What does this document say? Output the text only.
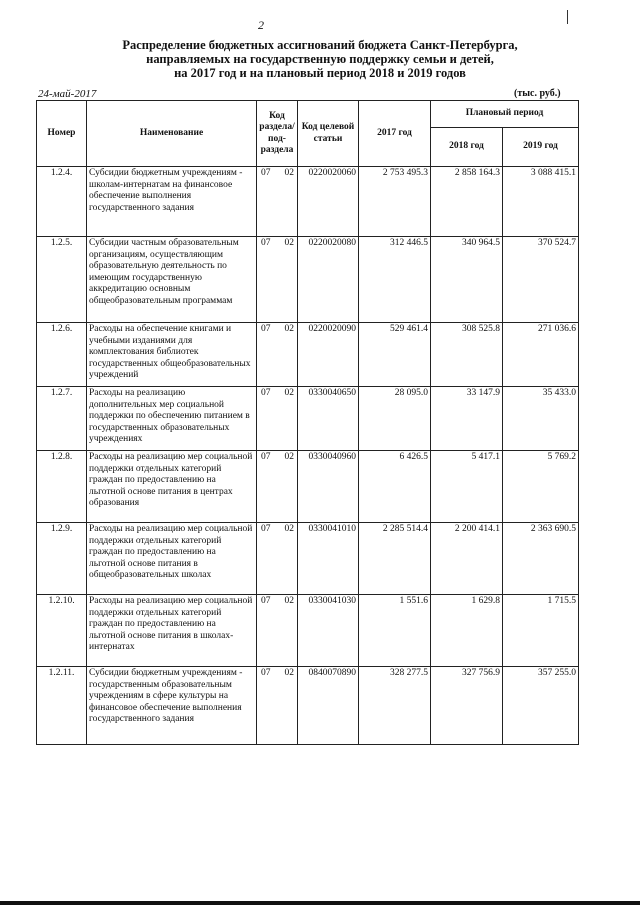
2
Распределение бюджетных ассигнований бюджета Санкт-Петербурга,
направляемых на государственную поддержку семьи и детей,
на 2017 год и на плановый период 2018 и 2019 годов
24-май-2017	(тыс. руб.)
Номер	Наименование	Код раздела/ под-раздела	Код целевой статьи	2017 год	Плановый период	
					2018 год	2019 год
1.2.4.	Субсидии бюджетным учреждениям - школам-интернатам на финансовое обеспечение выполнения государственного задания	07 02	0220020060	2 753 495.3	2 858 164.3	3 088 415.1
1.2.5.	Субсидии частным образовательным организациям, осуществляющим образовательную деятельность по имеющим государственную аккредитацию основным общеобразовательным программам	07 02	0220020080	312 446.5	340 964.5	370 524.7
1.2.6.	Расходы на обеспечение книгами и учебными изданиями для комплектования библиотек государственных общеобразовательных учреждений	07 02	0220020090	529 461.4	308 525.8	271 036.6
1.2.7.	Расходы на реализацию дополнительных мер социальной поддержки по обеспечению питанием в государственных образовательных учреждениях	07 02	0330040650	28 095.0	33 147.9	35 433.0
1.2.8.	Расходы на реализацию мер социальной поддержки отдельных категорий граждан по предоставлению на льготной основе питания в центрах образования	07 02	0330040960	6 426.5	5 417.1	5 769.2
1.2.9.	Расходы на реализацию мер социальной поддержки отдельных категорий граждан по предоставлению на льготной основе питания в общеобразовательных школах	07 02	0330041010	2 285 514.4	2 200 414.1	2 363 690.5
1.2.10.	Расходы на реализацию мер социальной поддержки отдельных категорий граждан по предоставлению на льготной основе питания в школах-интернатах	07 02	0330041030	1 551.6	1 629.8	1 715.5
1.2.11.	Субсидии бюджетным учреждениям - государственным образовательным учреждениям в сфере культуры на финансовое обеспечение выполнения государственного задания	07 02	0840070890	328 277.5	327 756.9	357 255.0
